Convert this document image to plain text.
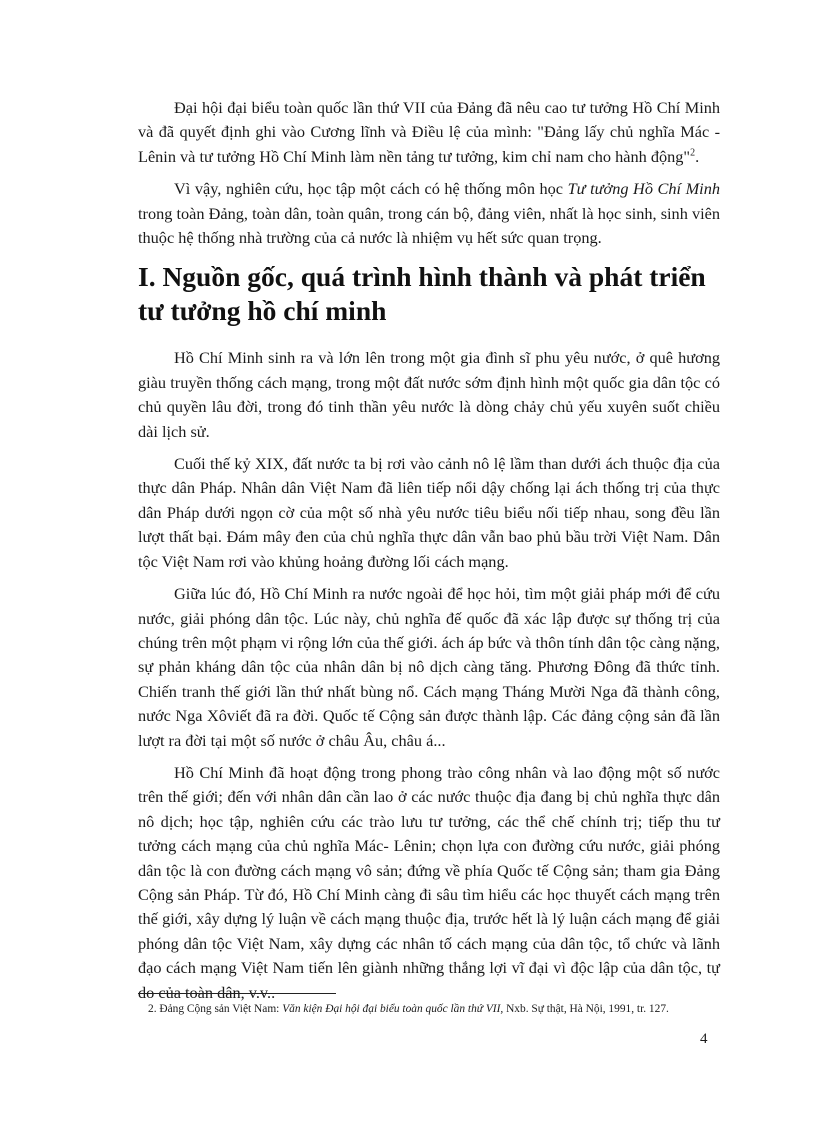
Đại hội đại biểu toàn quốc lần thứ VII của Đảng đã nêu cao tư tưởng Hồ Chí Minh và đã quyết định ghi vào Cương lĩnh và Điều lệ của mình: "Đảng lấy chủ nghĩa Mác - Lênin và tư tưởng Hồ Chí Minh làm nền tảng tư tưởng, kim chỉ nam cho hành động"$^2$.

Vì vậy, nghiên cứu, học tập một cách có hệ thống môn học Tư tưởng Hồ Chí Minh trong toàn Đảng, toàn dân, toàn quân, trong cán bộ, đảng viên, nhất là học sinh, sinh viên thuộc hệ thống nhà trường của cả nước là nhiệm vụ hết sức quan trọng.

I. Nguồn gốc, quá trình hình thành và phát triển tư tưởng hồ chí minh

Hồ Chí Minh sinh ra và lớn lên trong một gia đình sĩ phu yêu nước, ở quê hương giàu truyền thống cách mạng, trong một đất nước sớm định hình một quốc gia dân tộc có chủ quyền lâu đời, trong đó tinh thần yêu nước là dòng chảy chủ yếu xuyên suốt chiều dài lịch sử.

Cuối thế kỷ XIX, đất nước ta bị rơi vào cảnh nô lệ lầm than dưới ách thuộc địa của thực dân Pháp. Nhân dân Việt Nam đã liên tiếp nổi dậy chống lại ách thống trị của thực dân Pháp dưới ngọn cờ của một số nhà yêu nước tiêu biểu nối tiếp nhau, song đều lần lượt thất bại. Đám mây đen của chủ nghĩa thực dân vẫn bao phủ bầu trời Việt Nam. Dân tộc Việt Nam rơi vào khủng hoảng đường lối cách mạng.

Giữa lúc đó, Hồ Chí Minh ra nước ngoài để học hỏi, tìm một giải pháp mới để cứu nước, giải phóng dân tộc. Lúc này, chủ nghĩa đế quốc đã xác lập được sự thống trị của chúng trên một phạm vi rộng lớn của thế giới. ách áp bức và thôn tính dân tộc càng nặng, sự phản kháng dân tộc của nhân dân bị nô dịch càng tăng. Phương Đông đã thức tỉnh. Chiến tranh thế giới lần thứ nhất bùng nổ. Cách mạng Tháng Mười Nga đã thành công, nước Nga Xôviết đã ra đời. Quốc tế Cộng sản được thành lập. Các đảng cộng sản đã lần lượt ra đời tại một số nước ở châu Âu, châu á...

Hồ Chí Minh đã hoạt động trong phong trào công nhân và lao động một số nước trên thế giới; đến với nhân dân cần lao ở các nước thuộc địa đang bị chủ nghĩa thực dân nô dịch; học tập, nghiên cứu các trào lưu tư tưởng, các thể chế chính trị; tiếp thu tư tưởng cách mạng của chủ nghĩa Mác- Lênin; chọn lựa con đường cứu nước, giải phóng dân tộc là con đường cách mạng vô sản; đứng về phía Quốc tế Cộng sản; tham gia Đảng Cộng sản Pháp. Từ đó, Hồ Chí Minh càng đi sâu tìm hiểu các học thuyết cách mạng trên thế giới, xây dựng lý luận về cách mạng thuộc địa, trước hết là lý luận cách mạng để giải phóng dân tộc Việt Nam, xây dựng các nhân tố cách mạng của dân tộc, tổ chức và lãnh đạo cách mạng Việt Nam tiến lên giành những thắng lợi vĩ đại vì độc lập của dân tộc, tự do của toàn dân, v.v..

2. Đảng Cộng sản Việt Nam: Văn kiện Đại hội đại biểu toàn quốc lần thứ VII, Nxb. Sự thật, Hà Nội, 1991, tr. 127.
4
